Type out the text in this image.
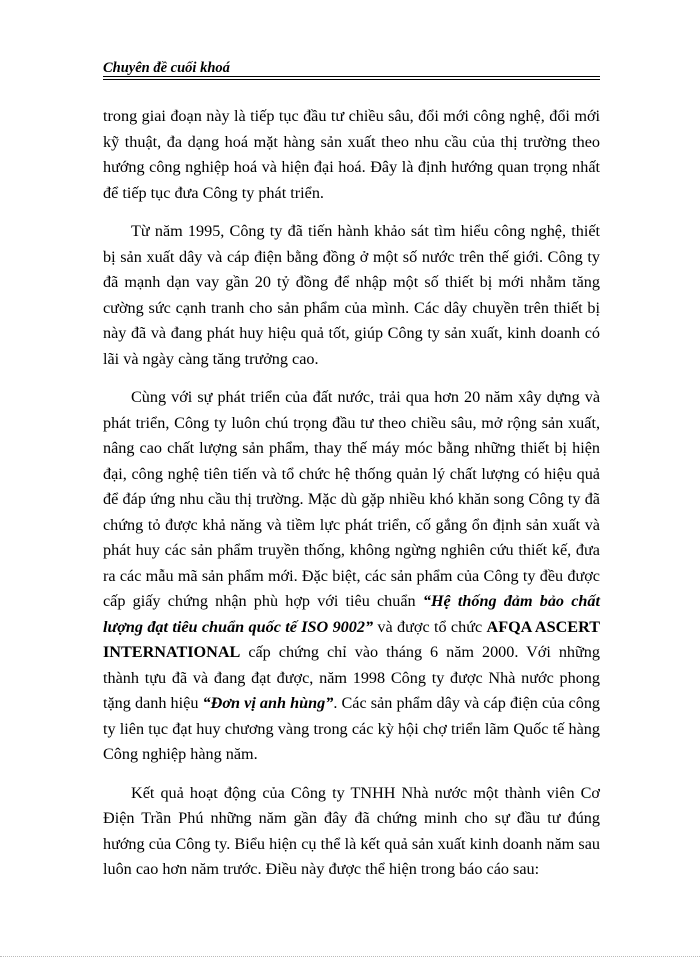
Chuyên đề cuối khoá

trong giai đoạn này là tiếp tục đầu tư chiều sâu, đổi mới công nghệ, đổi mới kỹ thuật, đa dạng hoá mặt hàng sản xuất theo nhu cầu của thị trường theo hướng công nghiệp hoá và hiện đại hoá. Đây là định hướng quan trọng nhất để tiếp tục đưa Công ty phát triển.

Từ năm 1995, Công ty đã tiến hành khảo sát tìm hiểu công nghệ, thiết bị sản xuất dây và cáp điện bằng đồng ở một số nước trên thế giới. Công ty đã mạnh dạn vay gần 20 tỷ đồng để nhập một số thiết bị mới nhằm tăng cường sức cạnh tranh cho sản phẩm của mình. Các dây chuyền trên thiết bị này đã và đang phát huy hiệu quả tốt, giúp Công ty sản xuất, kinh doanh có lãi và ngày càng tăng trưởng cao.

Cùng với sự phát triển của đất nước, trải qua hơn 20 năm xây dựng và phát triển, Công ty luôn chú trọng đầu tư theo chiều sâu, mở rộng sản xuất, nâng cao chất lượng sản phẩm, thay thế máy móc bằng những thiết bị hiện đại, công nghệ tiên tiến và tổ chức hệ thống quản lý chất lượng có hiệu quả để đáp ứng nhu cầu thị trường. Mặc dù gặp nhiều khó khăn song Công ty đã chứng tỏ được khả năng và tiềm lực phát triển, cố gắng ổn định sản xuất và phát huy các sản phẩm truyền thống, không ngừng nghiên cứu thiết kế, đưa ra các mẫu mã sản phẩm mới. Đặc biệt, các sản phẩm của Công ty đều được cấp giấy chứng nhận phù hợp với tiêu chuẩn “Hệ thống đảm bảo chất lượng đạt tiêu chuẩn quốc tế ISO 9002” và được tổ chức AFQA ASCERT INTERNATIONAL cấp chứng chỉ vào tháng 6 năm 2000. Với những thành tựu đã và đang đạt được, năm 1998 Công ty được Nhà nước phong tặng danh hiệu “Đơn vị anh hùng”. Các sản phẩm dây và cáp điện của công ty liên tục đạt huy chương vàng trong các kỳ hội chợ triển lãm Quốc tế hàng Công nghiệp hàng năm.

Kết quả hoạt động của Công ty TNHH Nhà nước một thành viên Cơ Điện Trần Phú những năm gần đây đã chứng minh cho sự đầu tư đúng hướng của Công ty. Biểu hiện cụ thể là kết quả sản xuất kinh doanh năm sau luôn cao hơn năm trước. Điều này được thể hiện trong báo cáo sau:
